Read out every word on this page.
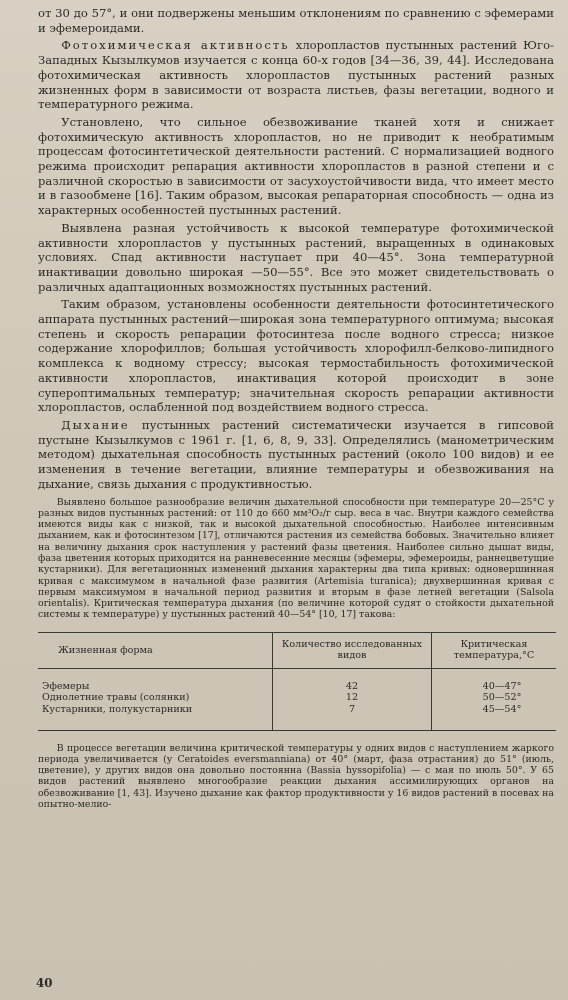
от 30 до 57°, и они подвержены меньшим отклонениям по сравнению с эфемерами и эфемероидами.

Фотохимическая активность хлоропластов пустынных растений Юго-Западных Кызылкумов изучается с конца 60-х годов [34—36, 39, 44]. Исследована фотохимическая активность хлоропластов пустынных растений разных жизненных форм в зависимости от возраста листьев, фазы вегетации, водного и температурного режима.

Установлено, что сильное обезвоживание тканей хотя и снижает фотохимическую активность хлоропластов, но не приводит к необратимым процессам фотосинтетической деятельности растений. С нормализацией водного режима происходит репарация активности хлоропластов в разной степени и с различной скоростью в зависимости от засухоустойчивости вида, что имеет место и в газообмене [16]. Таким образом, высокая репараторная способность — одна из характерных особенностей пустынных растений.

Выявлена разная устойчивость к высокой температуре фотохимической активности хлоропластов у пустынных растений, выращенных в одинаковых условиях. Спад активности наступает при 40—45°. Зона температурной инактивации довольно широкая —50—55°. Все это может свидетельствовать о различных адаптационных возможностях пустынных растений.

Таким образом, установлены особенности деятельности фотосинтетического аппарата пустынных растений—широкая зона температурного оптимума; высокая степень и скорость репарации фотосинтеза после водного стресса; низкое содержание хлорофиллов; большая устойчивость хлорофилл-белково-липидного комплекса к водному стрессу; высокая термостабильность фотохимической активности хлоропластов, инактивация которой происходит в зоне супероптимальных температур; значительная скорость репарации активности хлоропластов, ослабленной под воздействием водного стресса.

Дыхание пустынных растений систематически изучается в гипсовой пустыне Кызылкумов с 1961 г. [1, 6, 8, 9, 33]. Определялись (манометрическим методом) дыхательная способность пустынных растений (около 100 видов) и ее изменения в течение вегетации, влияние температуры и обезвоживания на дыхание, связь дыхания с продуктивностью.

Выявлено большое разнообразие величин дыхательной способности при температуре 20—25°С у разных видов пустынных растений: от 110 до 660 мм³O₂/г сыр. веса в час. Внутри каждого семейства имеются виды как с низкой, так и высокой дыхательной способностью. Наиболее интенсивным дыханием, как и фотосинтезом [17], отличаются растения из семейства бобовых. Значительно влияет на величину дыхания срок наступления у растений фазы цветения. Наиболее сильно дышат виды, фаза цветения которых приходится на ранневесенние месяцы (эфемеры, эфемероиды, раннецветущие кустарники). Для вегетационных изменений дыхания характерны два типа кривых: одновершинная кривая с максимумом в начальной фазе развития (Artemisia turanica); двухвершинная кривая с первым максимумом в начальной период развития и вторым в фазе летней вегетации (Salsola orientalis). Критическая температура дыхания (по величине которой судят о стойкости дыхательной системы к температуре) у пустынных растений 40—54° [10, 17] такова:

Жизненная форма	Количество исследованных видов	Критическая температура,°С
Эфемеры	42	40—47°
Однолетние травы (солянки)	12	50—52°
Кустарники, полукустарники	7	45—54°

В процессе вегетации величина критической температуры у одних видов с наступлением жаркого периода увеличивается (у Ceratoides eversmanniana) от 40° (март, фаза отрастания) до 51° (июль, цветение), у других видов она довольно постоянна (Bassia hyssopifolia) — с мая по июль 50°. У 65 видов растений выявлено многообразие реакции дыхания ассимилирующих органов на обезвоживание [1, 43]. Изучено дыхание как фактор продуктивности у 16 видов растений в посевах на опытно-мелио-

40
